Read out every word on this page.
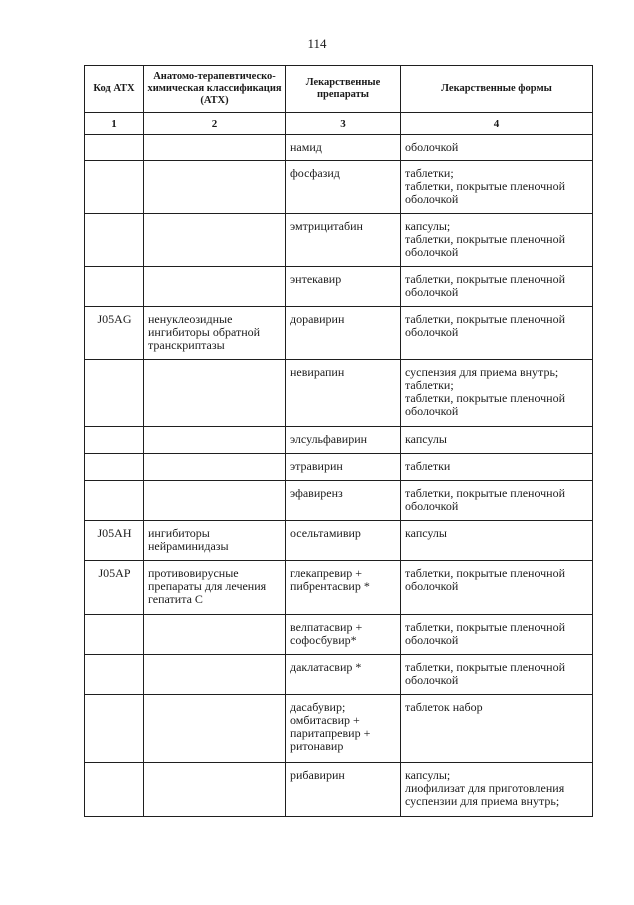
114
Код АТХ	Анатомо-терапевтическо-химическая классификация (АТХ)	Лекарственные препараты	Лекарственные формы
1	2	3	4
		намид	оболочкой

		фосфазид	таблетки;
таблетки, покрытые пленочной оболочкой

		эмтрицитабин	капсулы;
таблетки, покрытые пленочной оболочкой

		энтекавир	таблетки, покрытые пленочной оболочкой

J05AG	ненуклеозидные ингибиторы обратной транскриптазы	доравирин	таблетки, покрытые пленочной оболочкой

		невирапин	суспензия для приема внутрь;
таблетки;
таблетки, покрытые пленочной оболочкой

		элсульфавирин	капсулы

		этравирин	таблетки

		эфавиренз	таблетки, покрытые пленочной оболочкой

J05AH	ингибиторы нейраминидазы	осельтамивир	капсулы

J05AP	противовирусные препараты для лечения гепатита С	глекапревир + пибрентасвир *	таблетки, покрытые пленочной оболочкой

		велпатасвир + софосбувир*	таблетки, покрытые пленочной оболочкой

		даклатасвир *	таблетки, покрытые пленочной оболочкой

		дасабувир; омбитасвир + паритапревир + ритонавир	таблеток набор

		рибавирин	капсулы;
лиофилизат для приготовления суспензии для приема внутрь;
